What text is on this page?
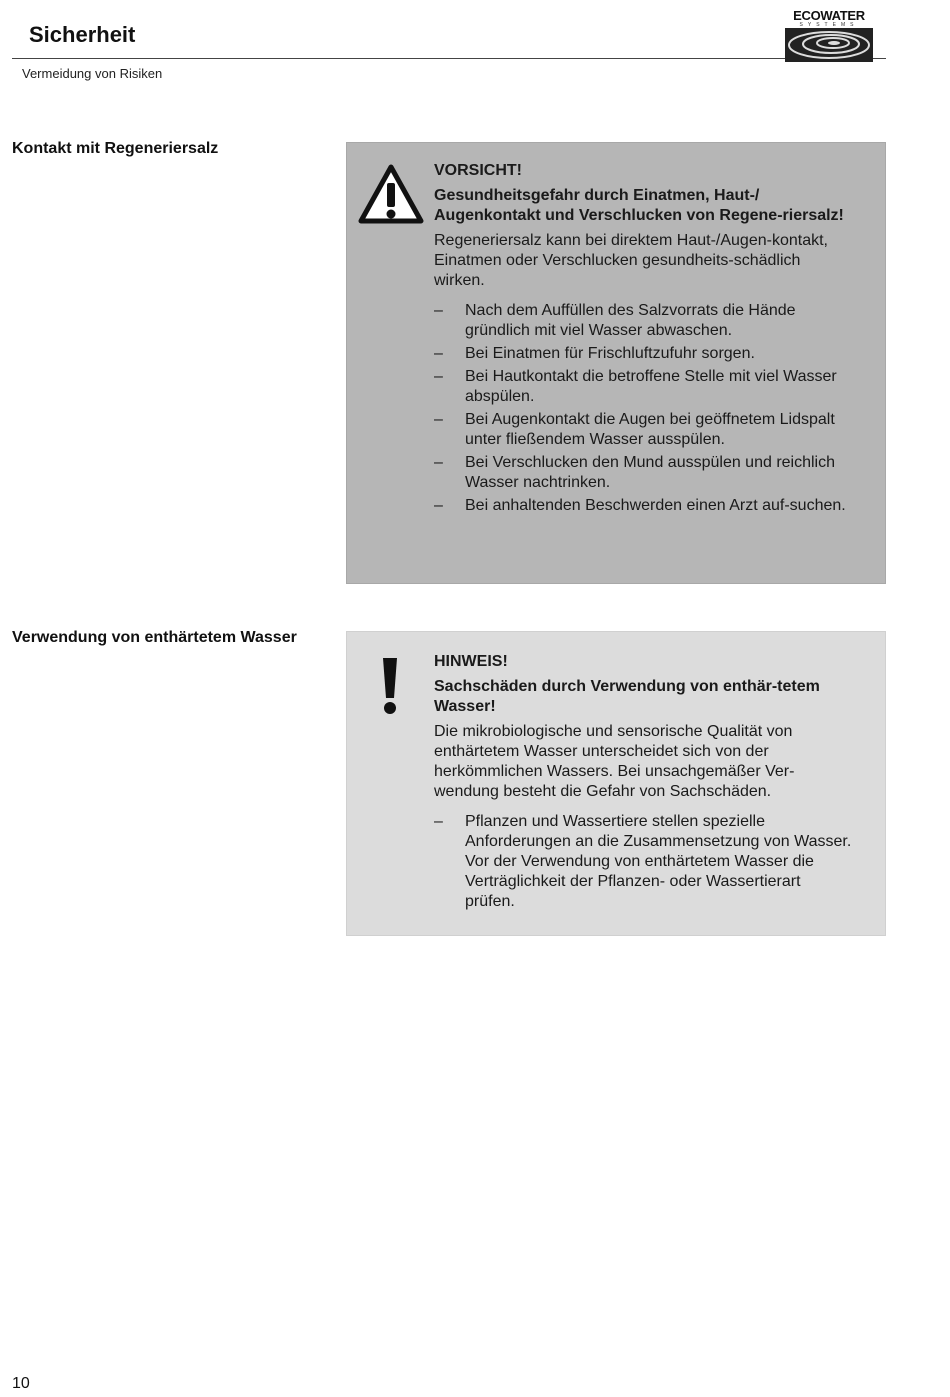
Sicherheit
Vermeidung von Risiken
ECOWATER
SYSTEMS
Kontakt mit Regeneriersalz

VORSICHT!

Gesundheitsgefahr durch Einatmen, Haut-/ Augenkontakt und Verschlucken von Regene-riersalz!

Regeneriersalz kann bei direktem Haut-/Augen-kontakt, Einatmen oder Verschlucken gesundheits-schädlich wirken.

– Nach dem Auffüllen des Salzvorrats die Hände gründlich mit viel Wasser abwaschen.
– Bei Einatmen für Frischluftzufuhr sorgen.
– Bei Hautkontakt die betroffene Stelle mit viel Wasser abspülen.
– Bei Augenkontakt die Augen bei geöffnetem Lidspalt unter fließendem Wasser ausspülen.
– Bei Verschlucken den Mund ausspülen und reichlich Wasser nachtrinken.
– Bei anhaltenden Beschwerden einen Arzt auf-suchen.
Verwendung von enthärtetem Wasser

HINWEIS!

Sachschäden durch Verwendung von enthär-tetem Wasser!

Die mikrobiologische und sensorische Qualität von enthärtetem Wasser unterscheidet sich von der herkömmlichen Wassers. Bei unsachgemäßer Ver-wendung besteht die Gefahr von Sachschäden.

– Pflanzen und Wassertiere stellen spezielle Anforderungen an die Zusammensetzung von Wasser. Vor der Verwendung von enthärtetem Wasser die Verträglichkeit der Pflanzen- oder Wassertierart prüfen.
10
